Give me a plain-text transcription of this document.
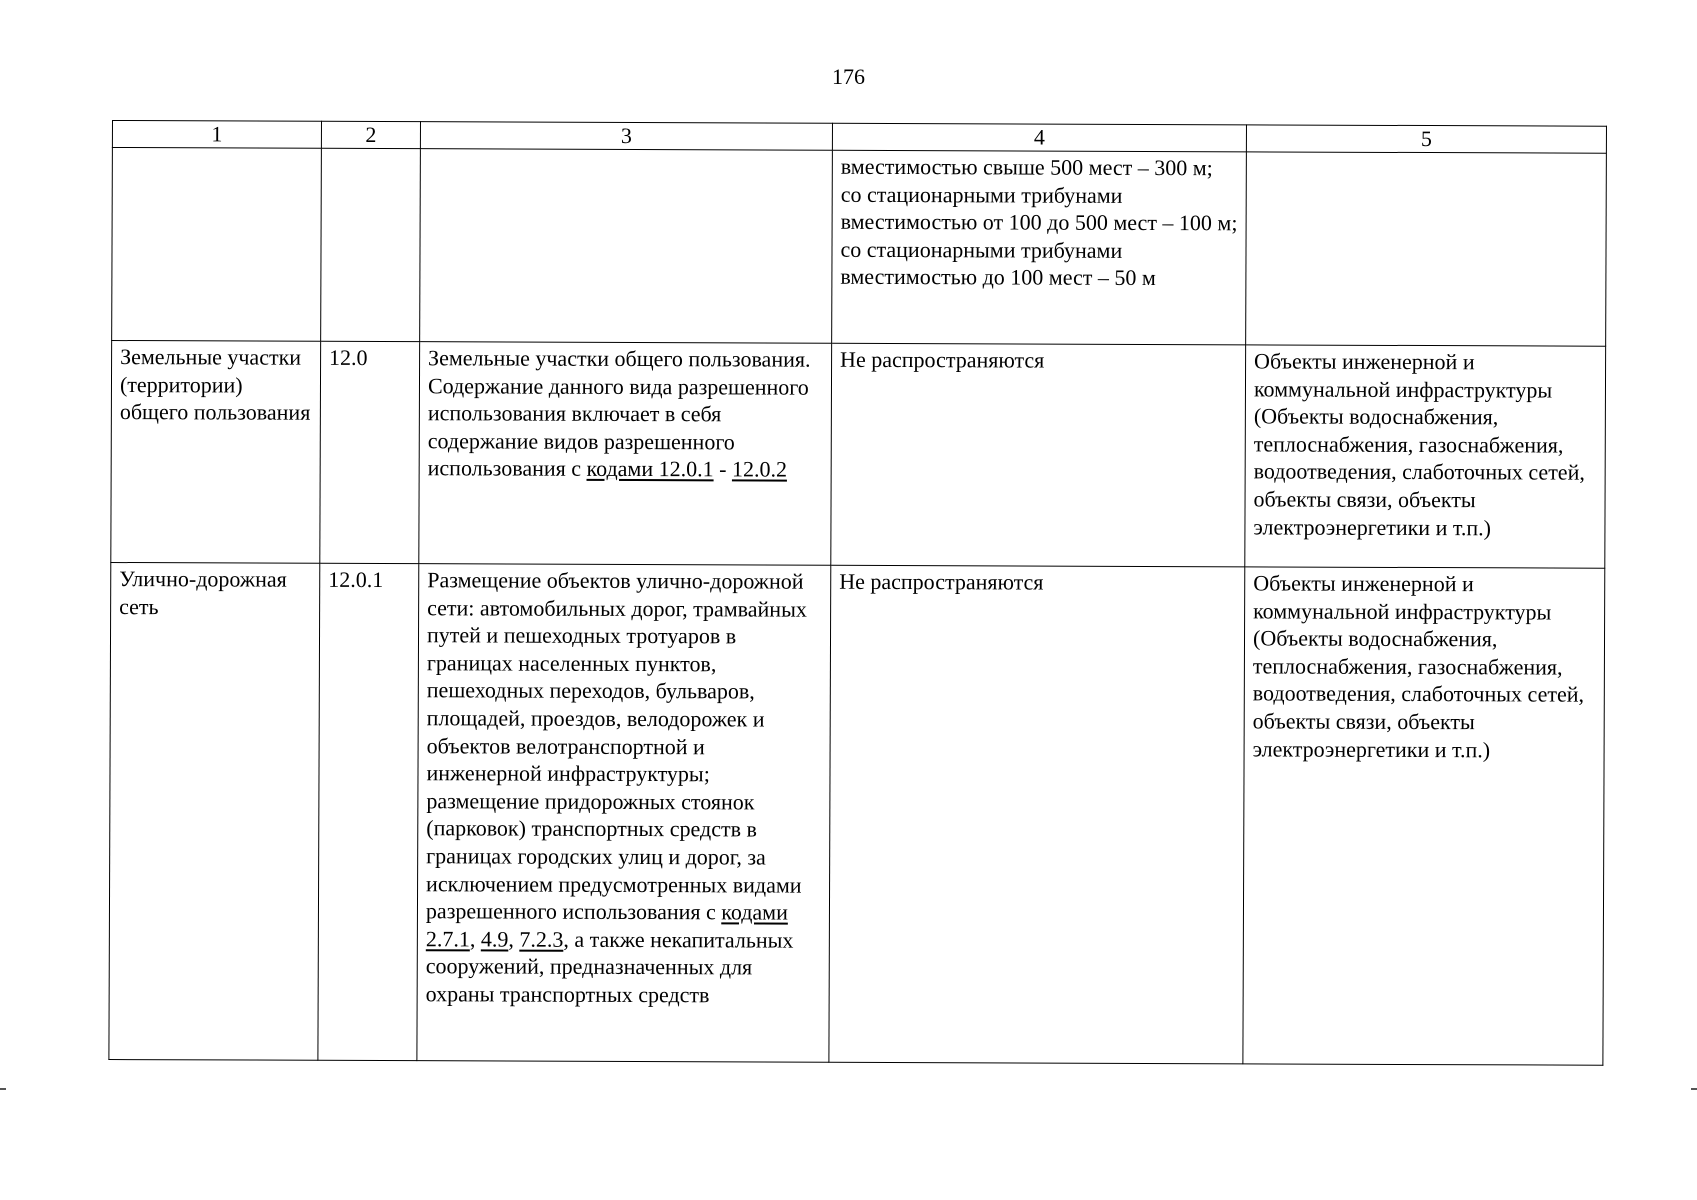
176
1	2	3	4	5
			вместимостью свыше 500 мест – 300 м;
со стационарными трибунами вместимостью от 100 до 500 мест – 100 м;
со стационарными трибунами вместимостью до 100 мест – 50 м	
Земельные участки (территории) общего пользования	12.0	Земельные участки общего пользования. Содержание данного вида разрешенного использования включает в себя содержание видов разрешенного использования с кодами 12.0.1 - 12.0.2	Не распространяются	Объекты инженерной и коммунальной инфраструктуры (Объекты водоснабжения, теплоснабжения, газоснабжения, водоотведения, слаботочных сетей, объекты связи, объекты электроэнергетики и т.п.)
Улично-дорожная сеть	12.0.1	Размещение объектов улично-дорожной сети: автомобильных дорог, трамвайных путей и пешеходных тротуаров в границах населенных пунктов, пешеходных переходов, бульваров, площадей, проездов, велодорожек и объектов велотранспортной и инженерной инфраструктуры;
размещение придорожных стоянок (парковок) транспортных средств в границах городских улиц и дорог, за исключением предусмотренных видами разрешенного использования с кодами 2.7.1, 4.9, 7.2.3, а также некапитальных сооружений, предназначенных для охраны транспортных средств	Не распространяются	Объекты инженерной и коммунальной инфраструктуры (Объекты водоснабжения, теплоснабжения, газоснабжения, водоотведения, слаботочных сетей, объекты связи, объекты электроэнергетики и т.п.)
